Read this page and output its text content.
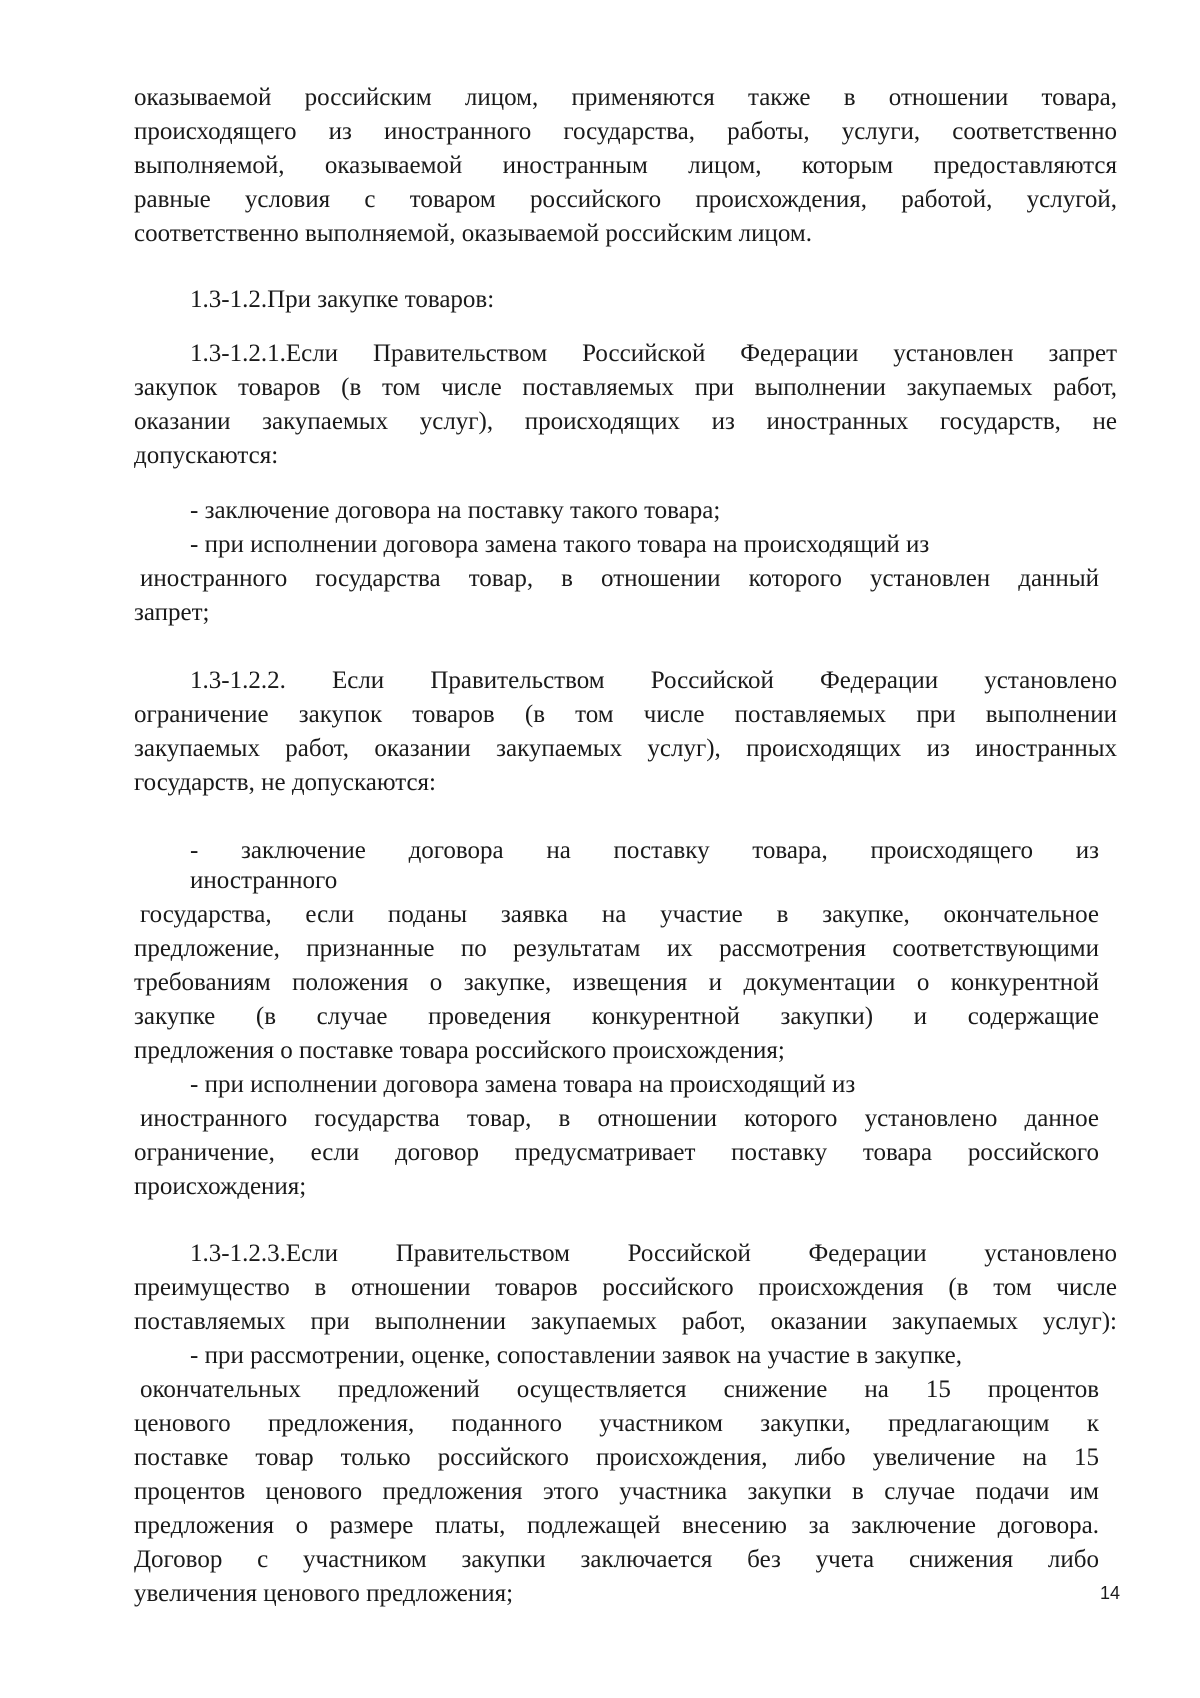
оказываемой российским лицом, применяются также в отношении товара,
происходящего из иностранного государства, работы, услуги, соответственно
выполняемой, оказываемой иностранным лицом, которым предоставляются
равные условия с товаром российского происхождения, работой, услугой,
соответственно выполняемой, оказываемой российским лицом.
1.3-1.2.При закупке товаров:
1.3-1.2.1.Если Правительством Российской Федерации установлен запрет
закупок товаров (в том числе поставляемых при выполнении закупаемых работ,
оказании закупаемых услуг), происходящих из иностранных государств, не
допускаются:
- заключение договора на поставку такого товара;
- при исполнении договора замена такого товара на происходящий из
иностранного государства товар, в отношении которого установлен данный
запрет;
1.3-1.2.2. Если Правительством Российской Федерации установлено
ограничение закупок товаров (в том числе поставляемых при выполнении
закупаемых работ, оказании закупаемых услуг), происходящих из иностранных
государств, не допускаются:
- заключение договора на поставку товара, происходящего из
иностранного
государства, если поданы заявка на участие в закупке, окончательное
предложение, признанные по результатам их рассмотрения соответствующими
требованиям положения о закупке, извещения и документации о конкурентной
закупке (в случае проведения конкурентной закупки) и содержащие
предложения о поставке товара российского происхождения;
- при исполнении договора замена товара на происходящий из
иностранного государства товар, в отношении которого установлено данное
ограничение, если договор предусматривает поставку товара российского
происхождения;
1.3-1.2.3.Если Правительством Российской Федерации установлено
преимущество в отношении товаров российского происхождения (в том числе
поставляемых при выполнении закупаемых работ, оказании закупаемых услуг):
- при рассмотрении, оценке, сопоставлении заявок на участие в закупке,
окончательных предложений осуществляется снижение на 15 процентов
ценового предложения, поданного участником закупки, предлагающим к
поставке товар только российского происхождения, либо увеличение на 15
процентов ценового предложения этого участника закупки в случае подачи им
предложения о размере платы, подлежащей внесению за заключение договора.
Договор с участником закупки заключается без учета снижения либо
увеличения ценового предложения;	14
